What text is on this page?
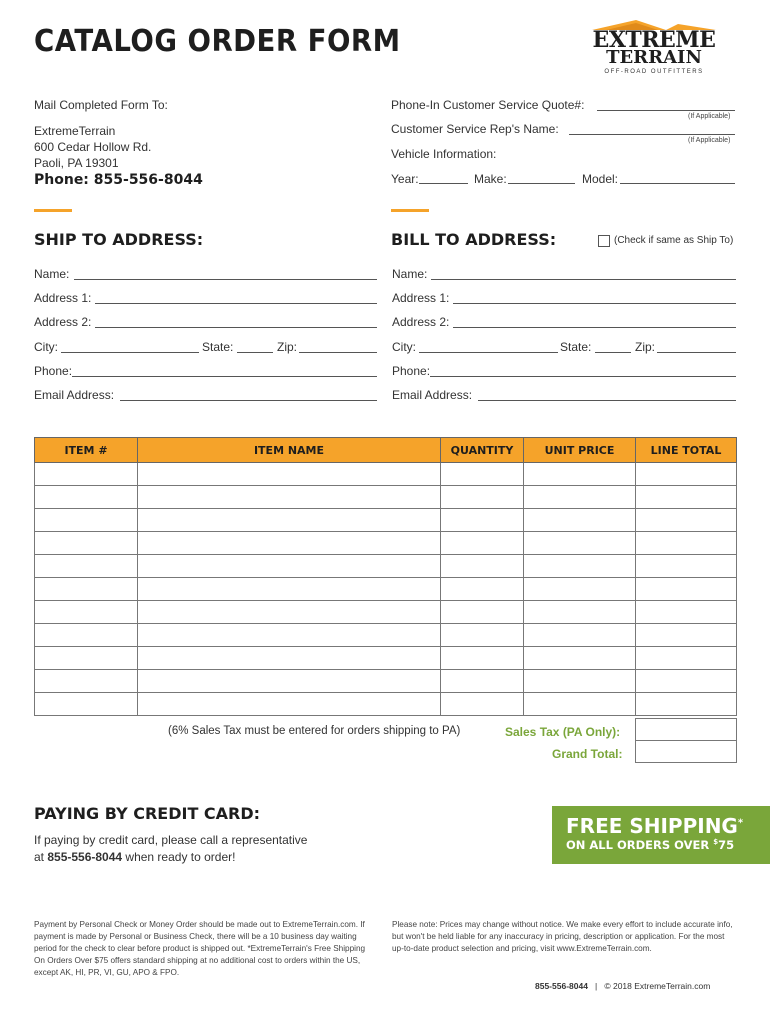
CATALOG ORDER FORM	EXTREME
TERRAIN
OFF-ROAD OUTFITTERS
Mail Completed Form To:
ExtremeTerrain
600 Cedar Hollow Rd.
Paoli, PA 19301
Phone: 855-556-8044
Phone-In Customer Service Quote#:
(If Applicable)
Customer Service Rep's Name:
(If Applicable)
Vehicle Information:
Year:	Make:	Model:
SHIP TO ADDRESS:
Name:
Address 1:
Address 2:
City:	State:	Zip:
Phone:
Email Address:
BILL TO ADDRESS:	(Check if same as Ship To)
Name:
Address 1:
Address 2:
City:	State:	Zip:
Phone:
Email Address:
ITEM #	ITEM NAME	QUANTITY	UNIT PRICE	LINE TOTAL

(6% Sales Tax must be entered for orders shipping to PA)	Sales Tax (PA Only):
Grand Total:
PAYING BY CREDIT CARD:
If paying by credit card, please call a representative
at 855-556-8044 when ready to order!
FREE SHIPPING*
ON ALL ORDERS OVER $75
Payment by Personal Check or Money Order should be made out to ExtremeTerrain.com. If payment is made by Personal or Business Check, there will be a 10 business day waiting period for the check to clear before product is shipped out. *ExtremeTerrain's Free Shipping On Orders Over $75 offers standard shipping at no additional cost to orders within the US, except AK, HI, PR, VI, GU, APO & FPO.
Please note: Prices may change without notice. We make every effort to include accurate info, but won't be held liable for any inaccuracy in pricing, description or application. For the most up-to-date product selection and pricing, visit www.ExtremeTerrain.com.
855-556-8044 | © 2018 ExtremeTerrain.com
